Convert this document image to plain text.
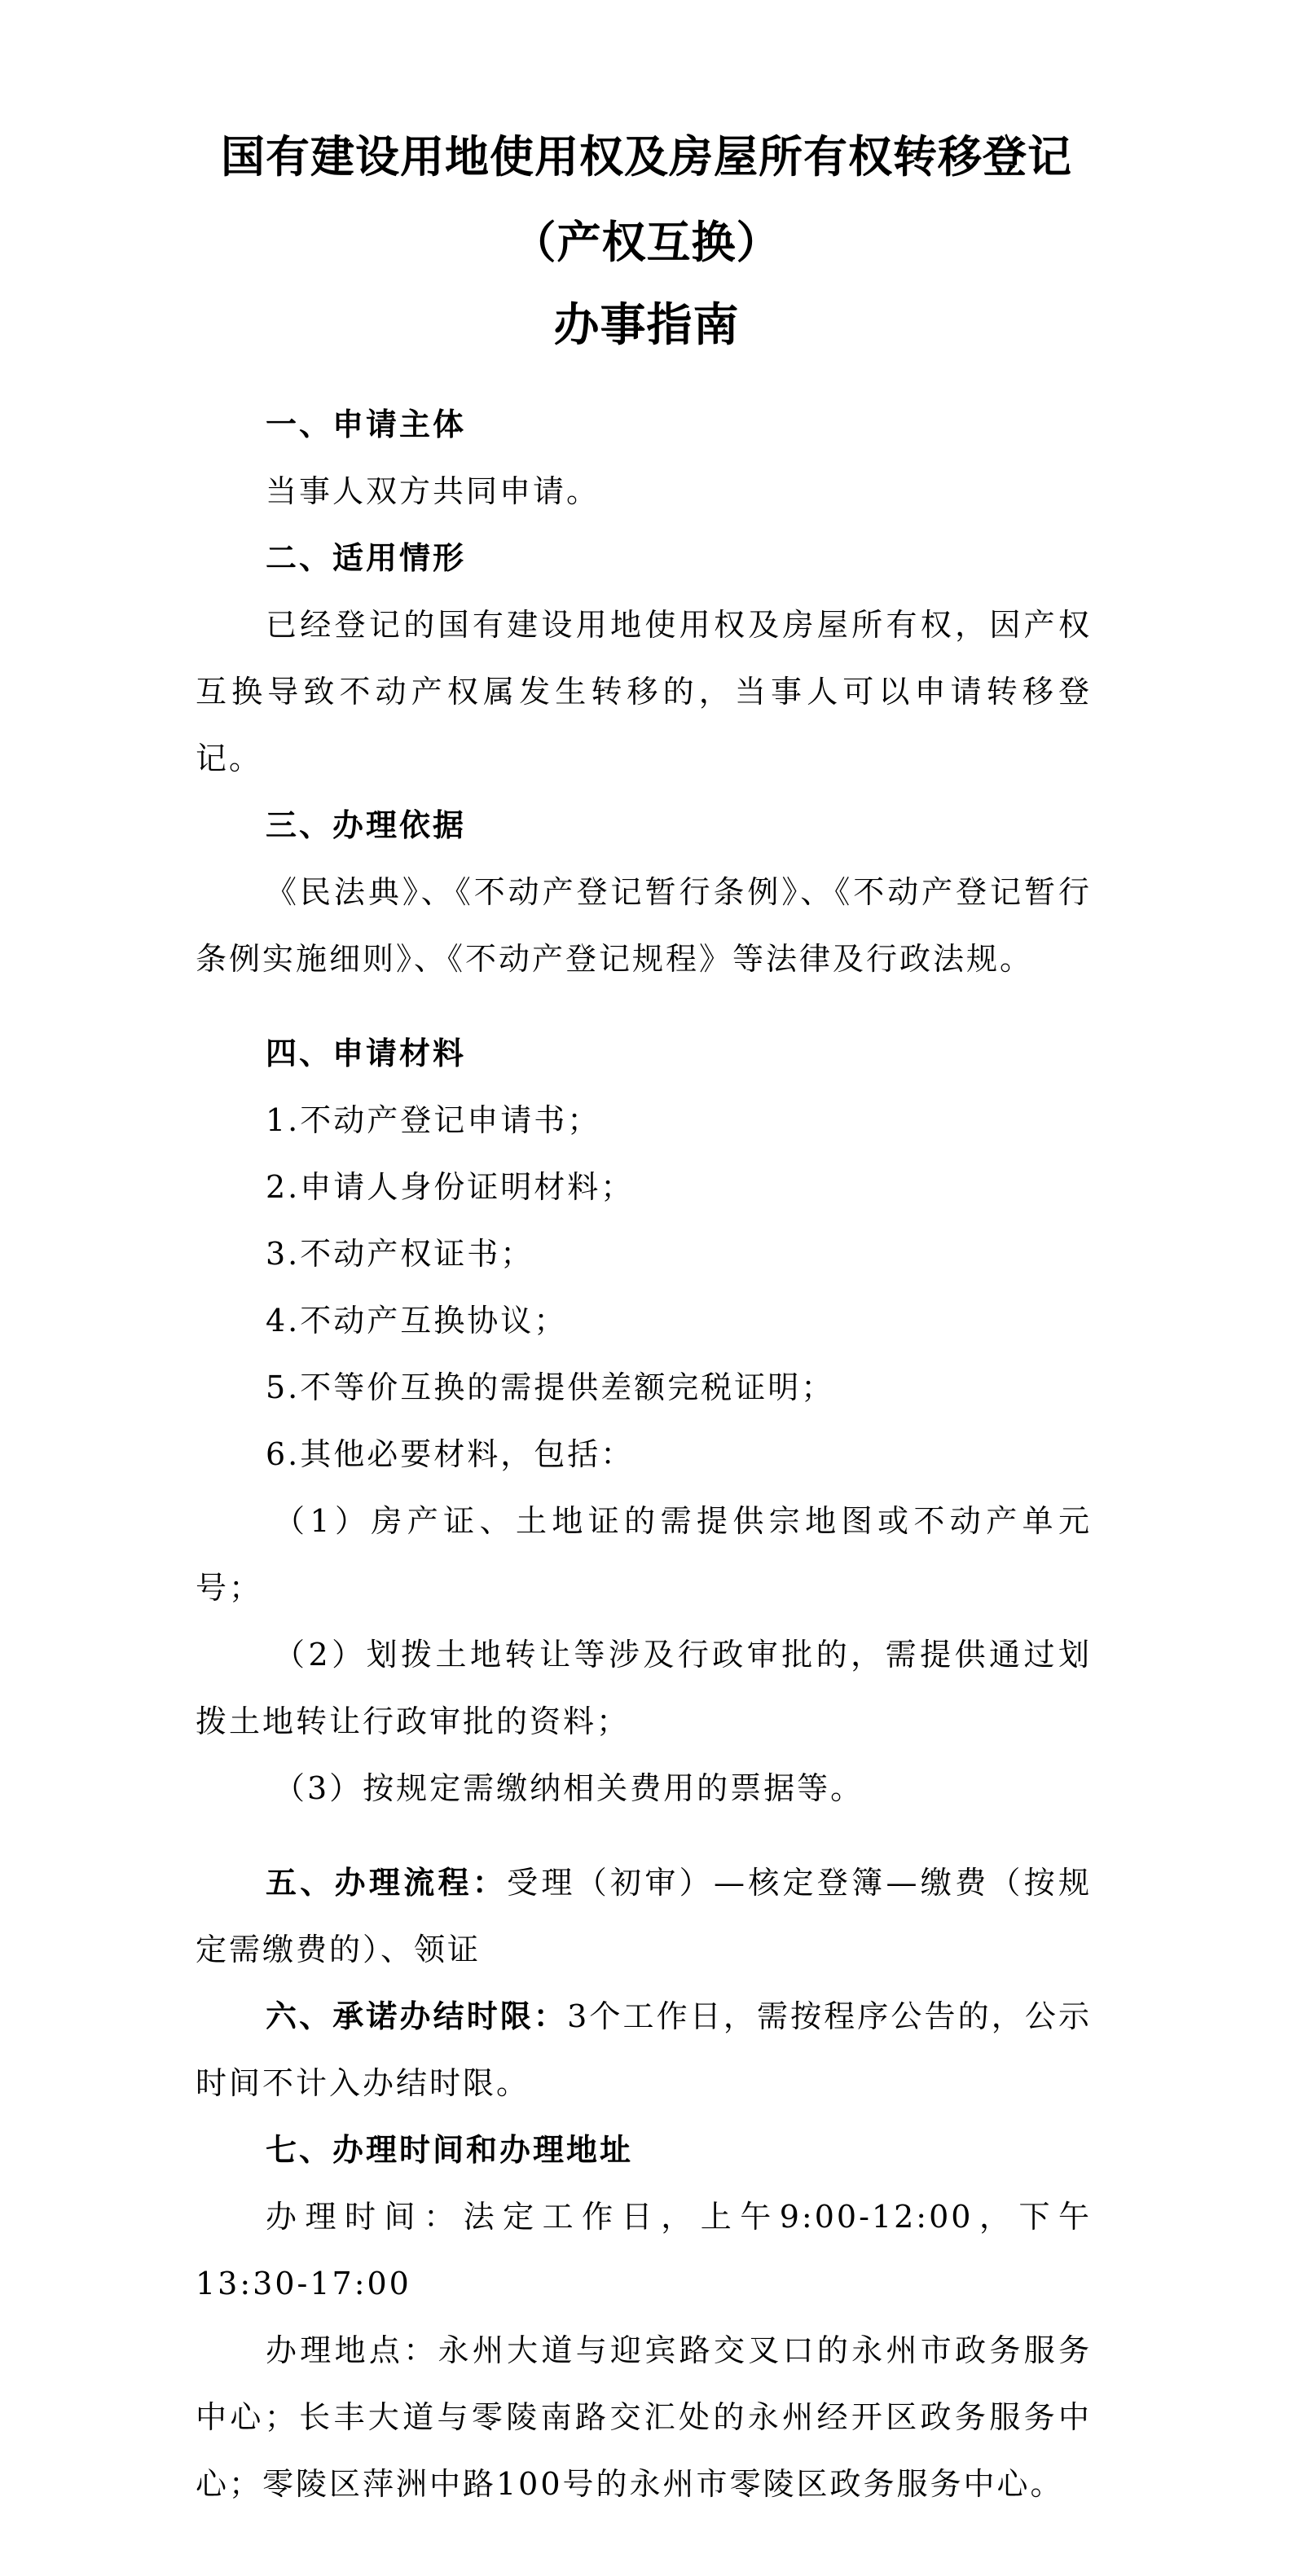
国有建设用地使用权及房屋所有权转移登记
（产权互换）
办事指南

一、申请主体

当事人双方共同申请。

二、适用情形

已经登记的国有建设用地使用权及房屋所有权，因产权互换导致不动产权属发生转移的，当事人可以申请转移登记。

三、办理依据

《民法典》、《不动产登记暂行条例》、《不动产登记暂行条例实施细则》、《不动产登记规程》等法律及行政法规。

四、申请材料

1.不动产登记申请书；

2.申请人身份证明材料；

3.不动产权证书；

4.不动产互换协议；

5.不等价互换的需提供差额完税证明；

6.其他必要材料，包括：

（1）房产证、土地证的需提供宗地图或不动产单元号；

（2）划拨土地转让等涉及行政审批的，需提供通过划拨土地转让行政审批的资料；

（3）按规定需缴纳相关费用的票据等。

五、办理流程：受理（初审）—核定登簿—缴费（按规定需缴费的）、领证

六、承诺办结时限：3个工作日，需按程序公告的，公示时间不计入办结时限。

七、办理时间和办理地址

办理时间：法定工作日，上午9:00-12:00，下午13:30-17:00

办理地点：永州大道与迎宾路交叉口的永州市政务服务中心；长丰大道与零陵南路交汇处的永州经开区政务服务中心；零陵区萍洲中路100号的永州市零陵区政务服务中心。
